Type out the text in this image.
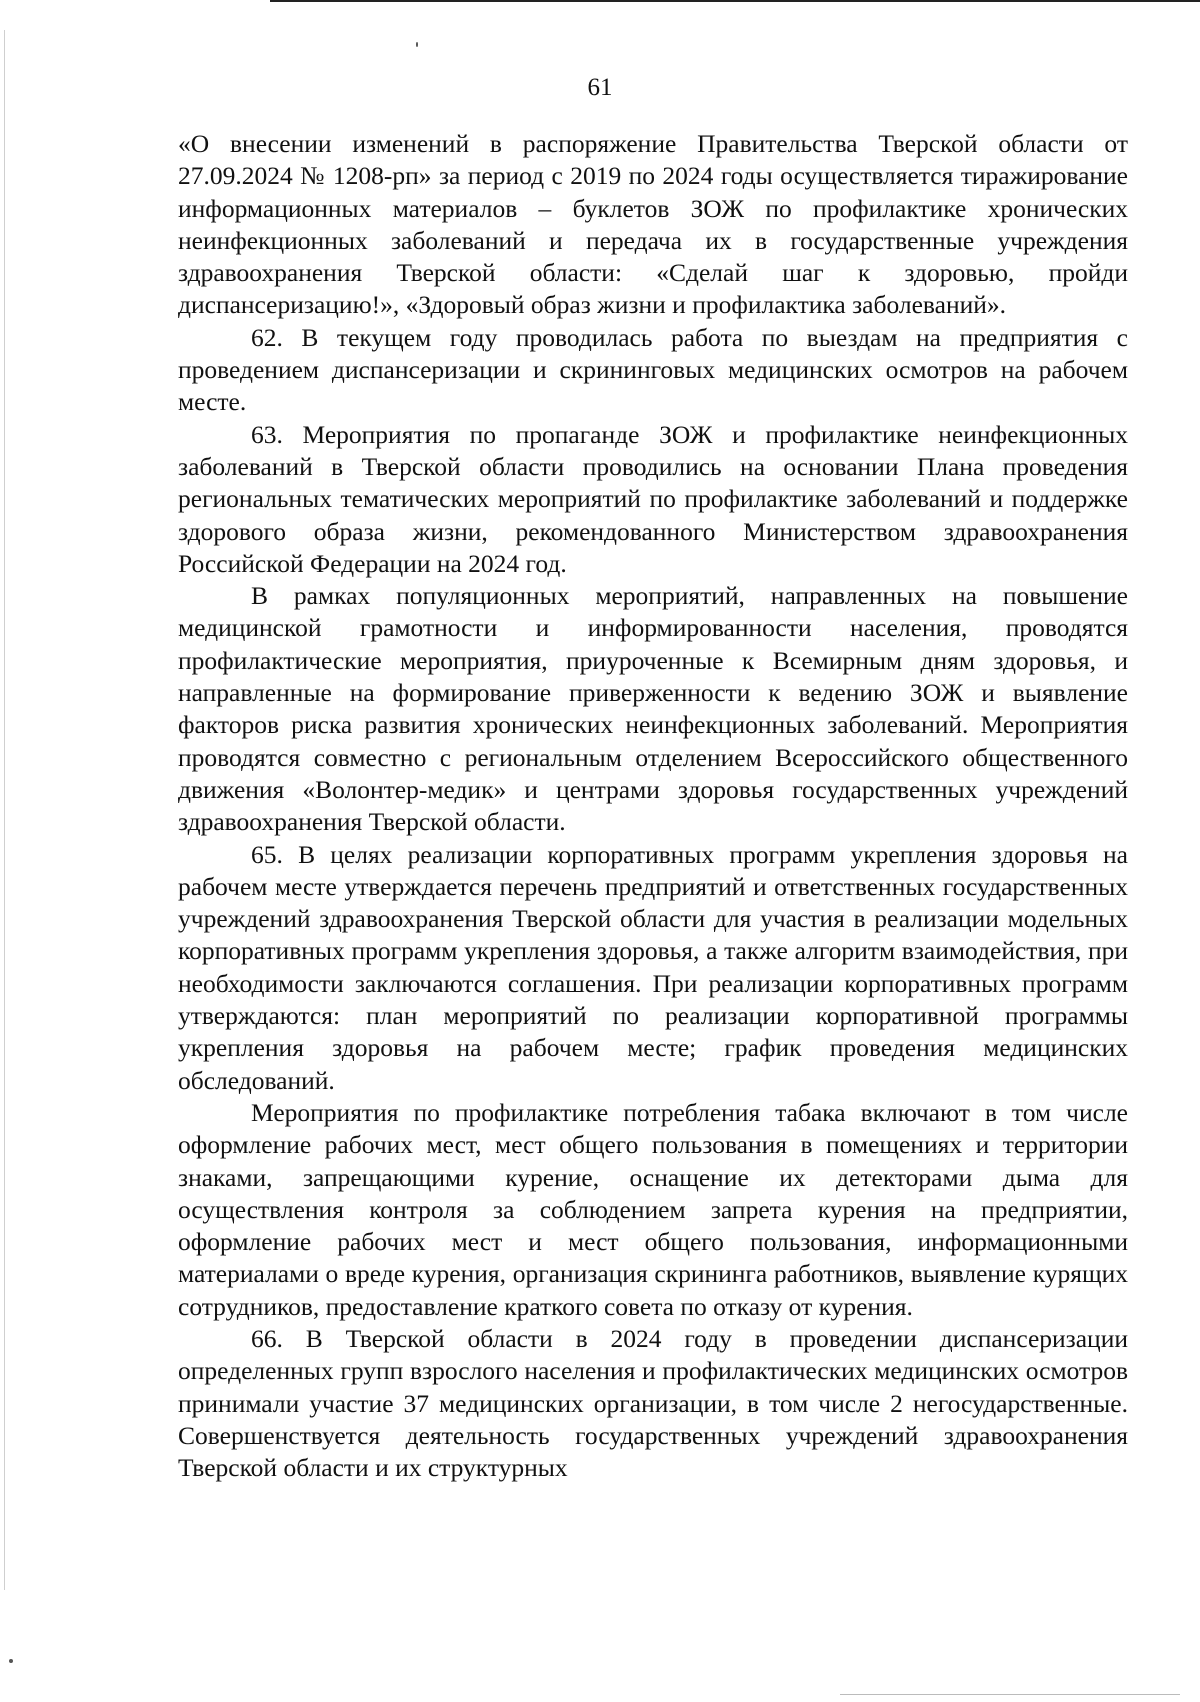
61

«О внесении изменений в распоряжение Правительства Тверской области от 27.09.2024 № 1208-рп» за период с 2019 по 2024 годы осуществляется тиражирование информационных материалов – буклетов ЗОЖ по профилактике хронических неинфекционных заболеваний и передача их в государственные учреждения здравоохранения Тверской области: «Сделай шаг к здоровью, пройди диспансеризацию!», «Здоровый образ жизни и профилактика заболеваний».

62. В текущем году проводилась работа по выездам на предприятия с проведением диспансеризации и скрининговых медицинских осмотров на рабочем месте.

63. Мероприятия по пропаганде ЗОЖ и профилактике неинфекционных заболеваний в Тверской области проводились на основании Плана проведения региональных тематических мероприятий по профилактике заболеваний и поддержке здорового образа жизни, рекомендованного Министерством здравоохранения Российской Федерации на 2024 год.

В рамках популяционных мероприятий, направленных на повышение медицинской грамотности и информированности населения, проводятся профилактические мероприятия, приуроченные к Всемирным дням здоровья, и направленные на формирование приверженности к ведению ЗОЖ и выявление факторов риска развития хронических неинфекционных заболеваний. Мероприятия проводятся совместно с региональным отделением Всероссийского общественного движения «Волонтер-медик» и центрами здоровья государственных учреждений здравоохранения Тверской области.

65. В целях реализации корпоративных программ укрепления здоровья на рабочем месте утверждается перечень предприятий и ответственных государственных учреждений здравоохранения Тверской области для участия в реализации модельных корпоративных программ укрепления здоровья, а также алгоритм взаимодействия, при необходимости заключаются соглашения. При реализации корпоративных программ утверждаются: план мероприятий по реализации корпоративной программы укрепления здоровья на рабочем месте; график проведения медицинских обследований.

Мероприятия по профилактике потребления табака включают в том числе оформление рабочих мест, мест общего пользования в помещениях и территории знаками, запрещающими курение, оснащение их детекторами дыма для осуществления контроля за соблюдением запрета курения на предприятии, оформление рабочих мест и мест общего пользования, информационными материалами о вреде курения, организация скрининга работников, выявление курящих сотрудников, предоставление краткого совета по отказу от курения.

66. В Тверской области в 2024 году в проведении диспансеризации определенных групп взрослого населения и профилактических медицинских осмотров принимали участие 37 медицинских организации, в том числе 2 негосударственные. Совершенствуется деятельность государственных учреждений здравоохранения Тверской области и их структурных
